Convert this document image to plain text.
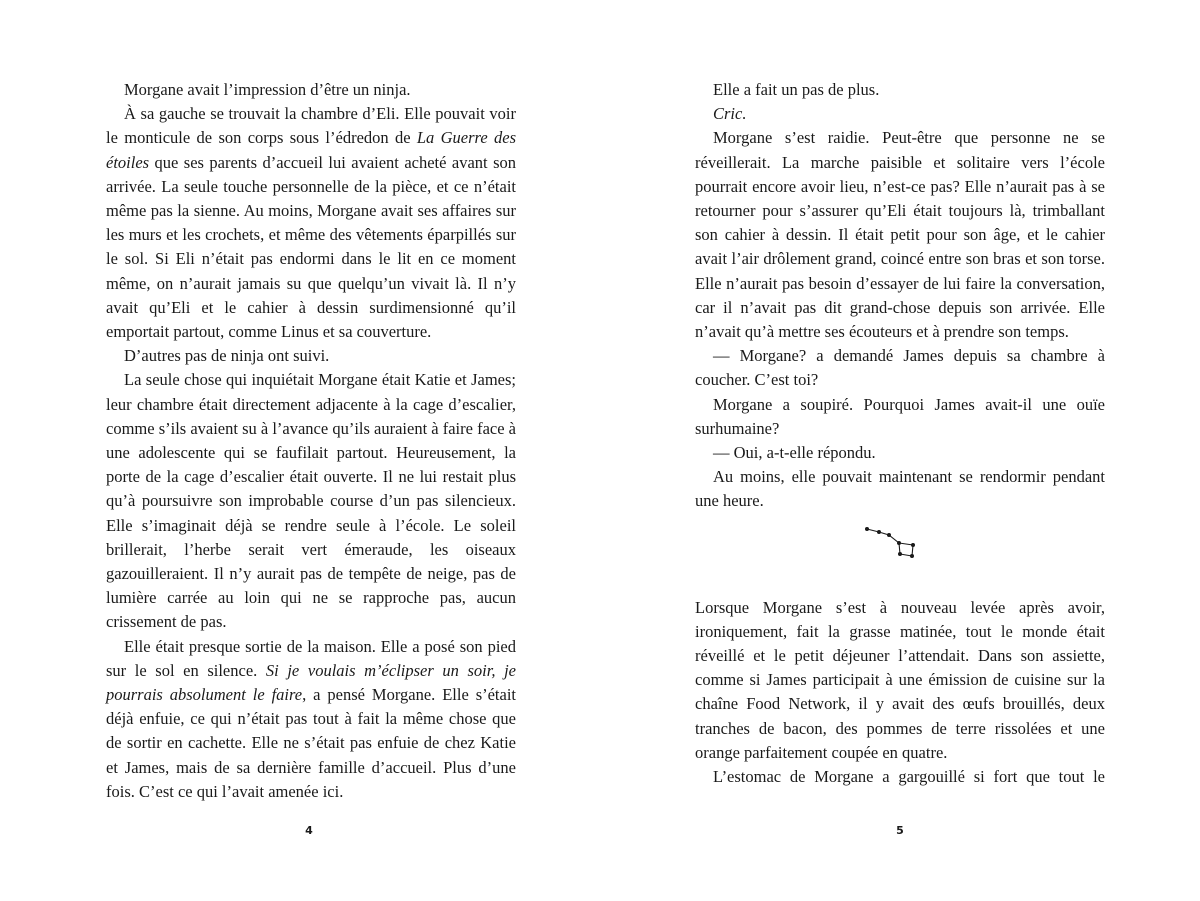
Morgane avait l’impression d’être un ninja.

À sa gauche se trouvait la chambre d’Eli. Elle pouvait voir le monticule de son corps sous l’édredon de La Guerre des étoiles que ses parents d’accueil lui avaient acheté avant son arrivée. La seule touche personnelle de la pièce, et ce n’était même pas la sienne. Au moins, Morgane avait ses affaires sur les murs et les crochets, et même des vêtements éparpillés sur le sol. Si Eli n’était pas endormi dans le lit en ce moment même, on n’aurait jamais su que quelqu’un vivait là. Il n’y avait qu’Eli et le cahier à dessin surdimensionné qu’il emportait partout, comme Linus et sa couverture.

D’autres pas de ninja ont suivi.

La seule chose qui inquiétait Morgane était Katie et James; leur chambre était directement adjacente à la cage d’escalier, comme s’ils avaient su à l’avance qu’ils auraient à faire face à une adolescente qui se faufilait partout. Heureusement, la porte de la cage d’escalier était ouverte. Il ne lui restait plus qu’à poursuivre son improbable course d’un pas silencieux. Elle s’imaginait déjà se rendre seule à l’école. Le soleil brillerait, l’herbe serait vert émeraude, les oiseaux gazouilleraient. Il n’y aurait pas de tempête de neige, pas de lumière carrée au loin qui ne se rapproche pas, aucun crissement de pas.

Elle était presque sortie de la maison. Elle a posé son pied sur le sol en silence. Si je voulais m’éclipser un soir, je pourrais absolument le faire, a pensé Morgane. Elle s’était déjà enfuie, ce qui n’était pas tout à fait la même chose que de sortir en cachette. Elle ne s’était pas enfuie de chez Katie et James, mais de sa dernière famille d’accueil. Plus d’une fois. C’est ce qui l’avait amenée ici.

4

Elle a fait un pas de plus.

Cric.

Morgane s’est raidie. Peut-être que personne ne se réveillerait. La marche paisible et solitaire vers l’école pourrait encore avoir lieu, n’est-ce pas? Elle n’aurait pas à se retourner pour s’assurer qu’Eli était toujours là, trimballant son cahier à dessin. Il était petit pour son âge, et le cahier avait l’air drôlement grand, coincé entre son bras et son torse. Elle n’aurait pas besoin d’essayer de lui faire la conversation, car il n’avait pas dit grand-chose depuis son arrivée. Elle n’avait qu’à mettre ses écouteurs et à prendre son temps.

— Morgane? a demandé James depuis sa chambre à coucher. C’est toi?

Morgane a soupiré. Pourquoi James avait-il une ouïe surhumaine?

— Oui, a-t-elle répondu.

Au moins, elle pouvait maintenant se rendormir pendant une heure.

Lorsque Morgane s’est à nouveau levée après avoir, ironiquement, fait la grasse matinée, tout le monde était réveillé et le petit déjeuner l’attendait. Dans son assiette, comme si James participait à une émission de cuisine sur la chaîne Food Network, il y avait des œufs brouillés, deux tranches de bacon, des pommes de terre rissolées et une orange parfaitement coupée en quatre.

L’estomac de Morgane a gargouillé si fort que tout le

5
